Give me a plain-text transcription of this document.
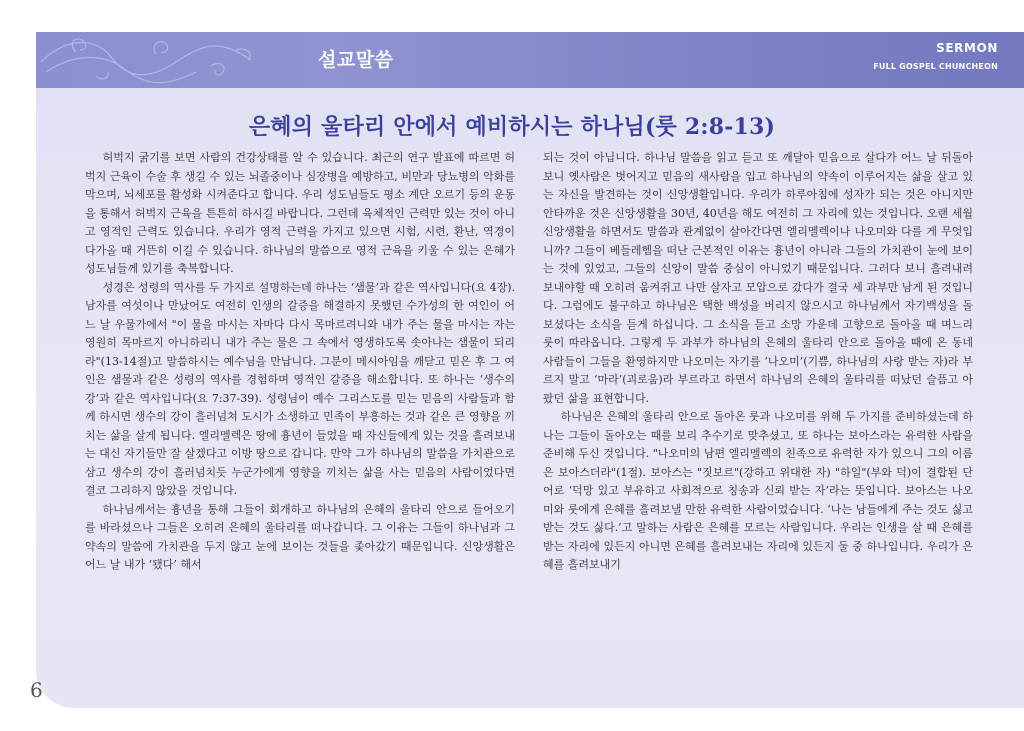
설교말씀
SERMON
FULL GOSPEL CHUNCHEON
은혜의 울타리 안에서 예비하시는 하나님(룻 2:8-13)

허벅지 굵기를 보면 사람의 건강상태를 알 수 있습니다. 최근의 연구 발표에 따르면 허벅지 근육이 수술 후 생길 수 있는 뇌졸중이나 심장병을 예방하고, 비만과 당뇨병의 악화를 막으며, 뇌세포를 활성화 시켜준다고 합니다. 우리 성도님들도 평소 계단 오르기 등의 운동을 통해서 허벅지 근육을 튼튼히 하시길 바랍니다. 그런데 육체적인 근력만 있는 것이 아니고 영적인 근력도 있습니다. 우리가 영적 근력을 가지고 있으면 시험, 시련, 환난, 역경이 다가올 때 거뜬히 이길 수 있습니다. 하나님의 말씀으로 영적 근육을 키울 수 있는 은혜가 성도님들께 있기를 축복합니다.

성경은 성령의 역사를 두 가지로 설명하는데 하나는 ‘샘물’과 같은 역사입니다(요 4장). 남자를 여섯이나 만났어도 여전히 인생의 갈증을 해결하지 못했던 수가성의 한 여인이 어느 날 우물가에서 "이 물을 마시는 자마다 다시 목마르려니와 내가 주는 물을 마시는 자는 영원히 목마르지 아니하리니 내가 주는 물은 그 속에서 영생하도록 솟아나는 샘물이 되리라"(13-14절)고 말씀하시는 예수님을 만납니다. 그분이 메시아임을 깨닫고 믿은 후 그 여인은 샘물과 같은 성령의 역사를 경험하며 영적인 갈증을 해소합니다. 또 하나는 ‘생수의 강’과 같은 역사입니다(요 7:37-39). 성령님이 예수 그리스도를 믿는 믿음의 사람들과 함께 하시면 생수의 강이 흘러넘쳐 도시가 소생하고 민족이 부흥하는 것과 같은 큰 영향을 끼치는 삶을 살게 됩니다. 엘리멜렉은 땅에 흉년이 들었을 때 자신들에게 있는 것을 흘려보내는 대신 자기들만 잘 살겠다고 이방 땅으로 갑니다. 만약 그가 하나님의 말씀을 가치관으로 삼고 생수의 강이 흘러넘치듯 누군가에게 영향을 끼치는 삶을 사는 믿음의 사람이었다면 결코 그리하지 않았을 것입니다.

하나님께서는 흉년을 통해 그들이 회개하고 하나님의 은혜의 울타리 안으로 들어오기를 바라셨으나 그들은 오히려 은혜의 울타리를 떠나갑니다. 그 이유는 그들이 하나님과 그 약속의 말씀에 가치관을 두지 않고 눈에 보이는 것들을 좇아갔기 때문입니다. 신앙생활은 어느 날 내가 ‘됐다’ 해서

되는 것이 아닙니다. 하나님 말씀을 읽고 듣고 또 깨달아 믿음으로 살다가 어느 날 뒤돌아보니 옛사람은 벗어지고 믿음의 새사람을 입고 하나님의 약속이 이루어지는 삶을 살고 있는 자신을 발견하는 것이 신앙생활입니다. 우리가 하루아침에 성자가 되는 것은 아니지만 안타까운 것은 신앙생활을 30년, 40년을 해도 여전히 그 자리에 있는 것입니다. 오랜 세월 신앙생활을 하면서도 말씀과 관계없이 살아간다면 엘리멜렉이나 나오미와 다를 게 무엇입니까? 그들이 베들레헴을 떠난 근본적인 이유는 흉년이 아니라 그들의 가치관이 눈에 보이는 것에 있었고, 그들의 신앙이 말씀 중심이 아니었기 때문입니다. 그러다 보니 흘려내려 보내야할 때 오히려 움켜쥐고 나만 살자고 모압으로 갔다가 결국 세 과부만 남게 된 것입니다. 그럼에도 불구하고 하나님은 택한 백성을 버리지 않으시고 하나님께서 자기백성을 돌보셨다는 소식을 듣게 하십니다. 그 소식을 듣고 소망 가운데 고향으로 돌아올 때 며느리 룻이 따라옵니다. 그렇게 두 과부가 하나님의 은혜의 울타리 안으로 돌아올 때에 온 동네 사람들이 그들을 환영하지만 나오미는 자기를 ‘나오미’(기쁨, 하나님의 사랑 받는 자)라 부르지 말고 ‘마라’(괴로움)라 부르라고 하면서 하나님의 은혜의 울타리를 떠났던 슬픔고 아팠던 삶을 표현합니다.

하나님은 은혜의 울타리 안으로 돌아온 룻과 나오미를 위해 두 가지를 준비하셨는데 하나는 그들이 돌아오는 때를 보리 추수기로 맞추셨고, 또 하나는 보아스라는 유력한 사람을 준비해 두신 것입니다. "나오미의 남편 엘리멜렉의 친족으로 유력한 자가 있으니 그의 이름은 보아스더라"(1절). 보아스는 "짓보르"(강하고 위대한 자) "하일"(부와 덕)이 결합된 단어로 ‘덕망 있고 부유하고 사회적으로 칭송과 신뢰 받는 자’라는 뜻입니다. 보아스는 나오미와 룻에게 은혜를 흘려보낼 만한 유력한 사람이었습니다. ‘나는 남들에게 주는 것도 싫고 받는 것도 싫다.’고 말하는 사람은 은혜를 모르는 사람입니다. 우리는 인생을 살 때 은혜를 받는 자리에 있든지 아니면 은혜를 흘려보내는 자리에 있든지 둘 중 하나입니다. 우리가 은혜를 흘려보내기

6
